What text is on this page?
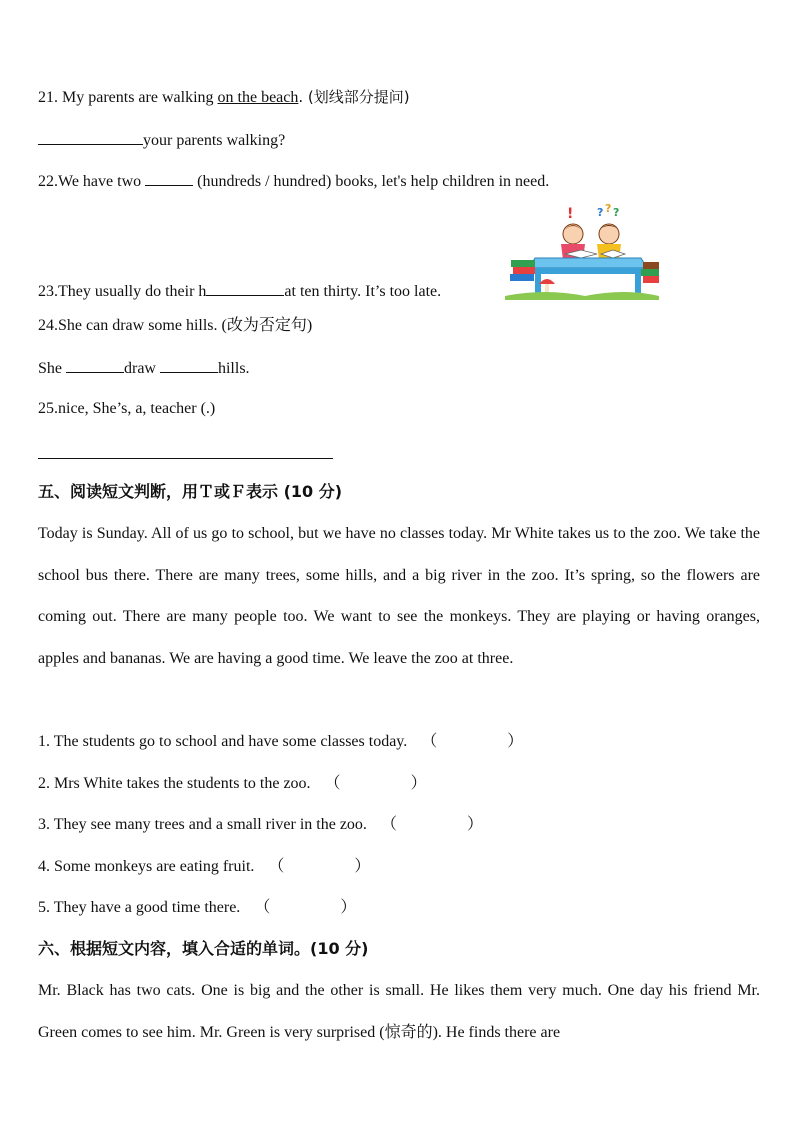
21. My parents are walking on the beach. (划线部分提问)
your parents walking?
22.We have two	(hundreds / hundred) books, let's help children in need.
! ? ? ?
23.They usually do their h	at ten thirty. It’s too late.
24.She can draw some hills. (改为否定句)
She	draw	hills.
25.nice, She’s, a, teacher (.)
五、阅读短文判断，用Ｔ或Ｆ表示 (10 分)
Today is Sunday. All of us go to school, but we have no classes today. Mr White takes us to the zoo. We take the school bus there. There are many trees, some hills, and a big river in the zoo. It’s spring, so the flowers are coming out. There are many people too. We want to see the monkeys. They are playing or having oranges, apples and bananas. We are having a good time. We leave the zoo at three.
1. The students go to school and have some classes today. （	）
2. Mrs White takes the students to the zoo. （	）
3. They see many trees and a small river in the zoo. （	）
4. Some monkeys are eating fruit. （	）
5. They have a good time there. （	）
六、根据短文内容，填入合适的单词。(10 分)
Mr. Black has two cats. One is big and the other is small. He likes them very much. One day his friend Mr. Green comes to see him. Mr. Green is very surprised (惊奇的). He finds there are
